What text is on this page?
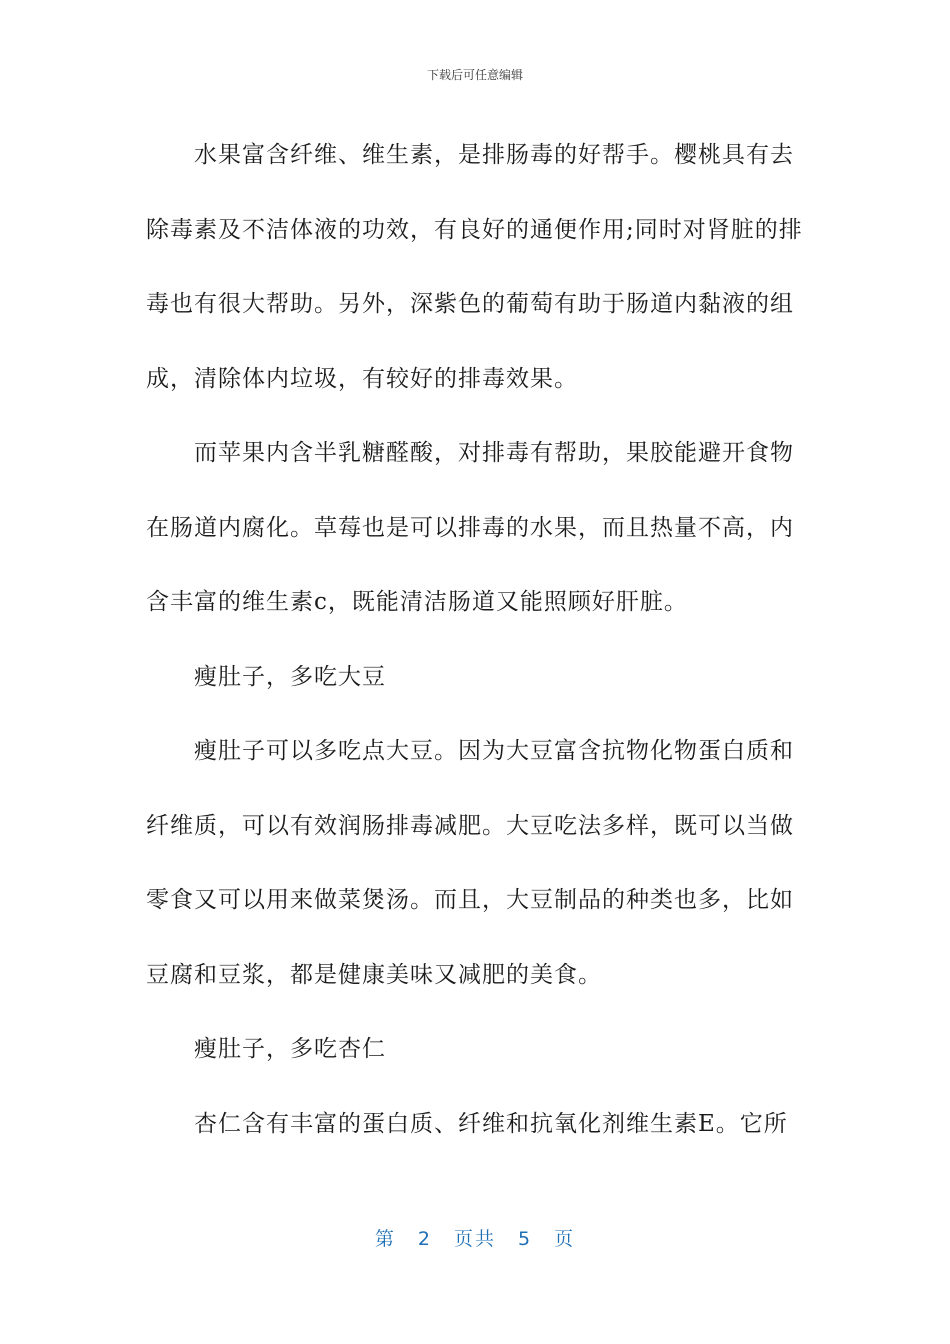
下载后可任意编辑

水果富含纤维、维生素，是排肠毒的好帮手。樱桃具有去除毒素及不洁体液的功效，有良好的通便作用;同时对肾脏的排毒也有很大帮助。另外，深紫色的葡萄有助于肠道内黏液的组成，清除体内垃圾，有较好的排毒效果。

而苹果内含半乳糖醛酸，对排毒有帮助，果胶能避开食物在肠道内腐化。草莓也是可以排毒的水果，而且热量不高，内含丰富的维生素c，既能清洁肠道又能照顾好肝脏。

瘦肚子，多吃大豆

瘦肚子可以多吃点大豆。因为大豆富含抗物化物蛋白质和纤维质，可以有效润肠排毒减肥。大豆吃法多样，既可以当做零食又可以用来做菜煲汤。而且，大豆制品的种类也多，比如豆腐和豆浆，都是健康美味又减肥的美食。

瘦肚子，多吃杏仁

杏仁含有丰富的蛋白质、纤维和抗氧化剂维生素E。它所

第 2 页共 5 页
